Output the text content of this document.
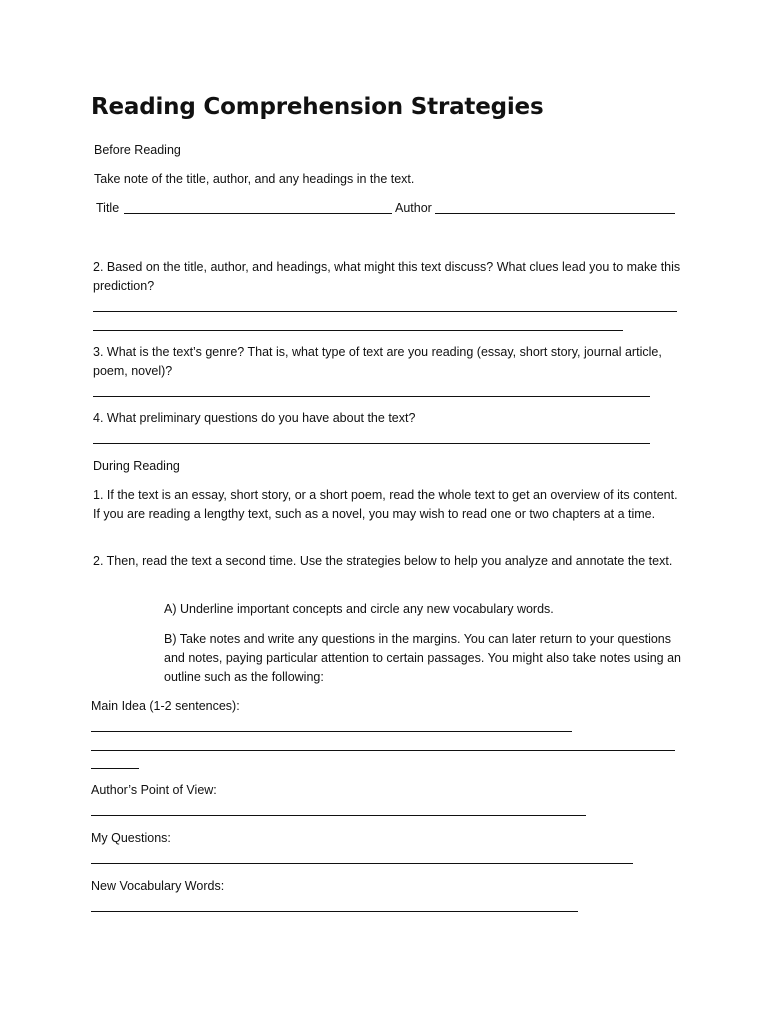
Reading Comprehension Strategies
Before Reading
Take note of the title, author, and any headings in the text.
Title	Author
2. Based on the title, author, and headings, what might this text discuss? What clues lead you to make this prediction?
3. What is the text’s genre? That is, what type of text are you reading (essay, short story, journal article, poem, novel)?
4. What preliminary questions do you have about the text?
During Reading
1. If the text is an essay, short story, or a short poem, read the whole text to get an overview of its content. If you are reading a lengthy text, such as a novel, you may wish to read one or two chapters at a time.
2. Then, read the text a second time. Use the strategies below to help you analyze and annotate the text.
A) Underline important concepts and circle any new vocabulary words.
B) Take notes and write any questions in the margins. You can later return to your questions and notes, paying particular attention to certain passages. You might also take notes using an outline such as the following:
Main Idea (1-2 sentences):
Author’s Point of View:
My Questions:
New Vocabulary Words:
